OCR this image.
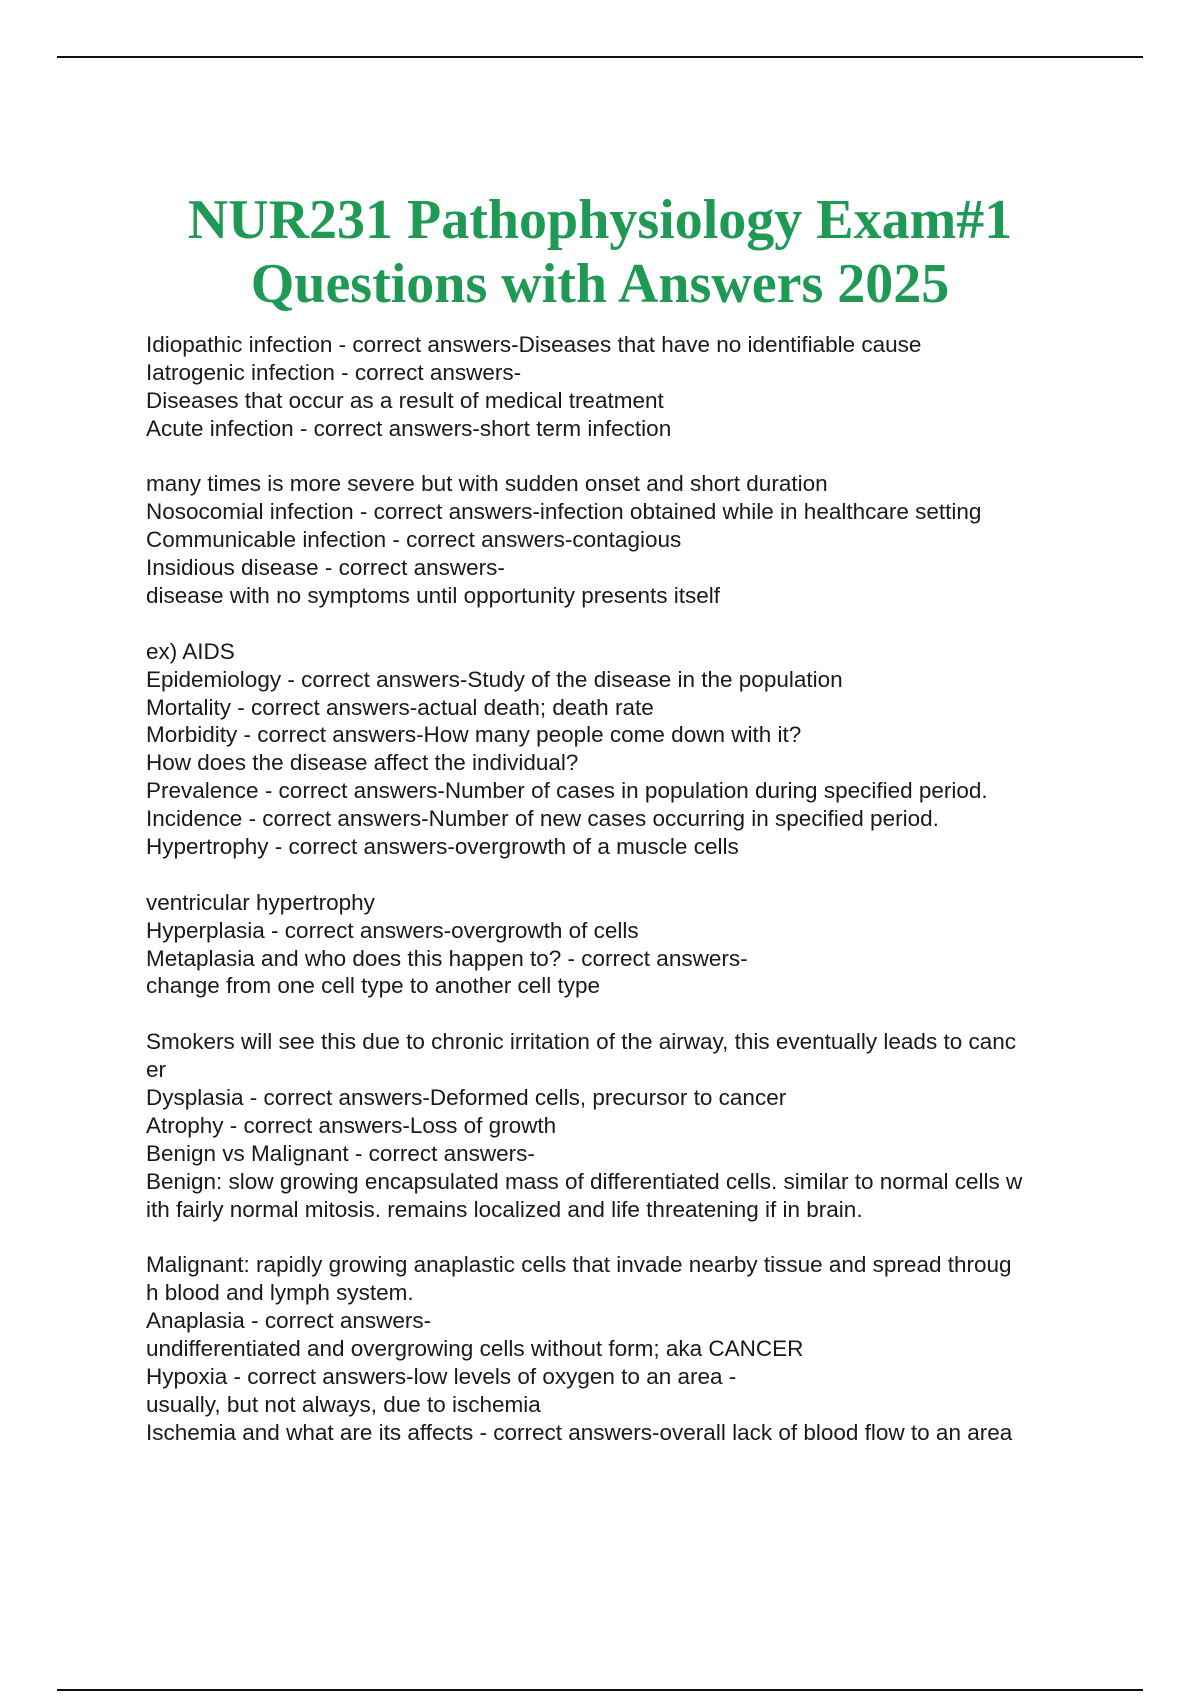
NUR231 Pathophysiology Exam#1
Questions with Answers 2025
Idiopathic infection - correct answers-Diseases that have no identifiable cause
Iatrogenic infection - correct answers-
Diseases that occur as a result of medical treatment
Acute infection - correct answers-short term infection
many times is more severe but with sudden onset and short duration
Nosocomial infection - correct answers-infection obtained while in healthcare setting
Communicable infection - correct answers-contagious
Insidious disease - correct answers-
disease with no symptoms until opportunity presents itself
ex) AIDS
Epidemiology - correct answers-Study of the disease in the population
Mortality - correct answers-actual death; death rate
Morbidity - correct answers-How many people come down with it?
How does the disease affect the individual?
Prevalence - correct answers-Number of cases in population during specified period.
Incidence - correct answers-Number of new cases occurring in specified period.
Hypertrophy - correct answers-overgrowth of a muscle cells
ventricular hypertrophy
Hyperplasia - correct answers-overgrowth of cells
Metaplasia and who does this happen to? - correct answers-
change from one cell type to another cell type
Smokers will see this due to chronic irritation of the airway, this eventually leads to canc
er
Dysplasia - correct answers-Deformed cells, precursor to cancer
Atrophy - correct answers-Loss of growth
Benign vs Malignant - correct answers-
Benign: slow growing encapsulated mass of differentiated cells. similar to normal cells w
ith fairly normal mitosis. remains localized and life threatening if in brain.
Malignant: rapidly growing anaplastic cells that invade nearby tissue and spread throug
h blood and lymph system.
Anaplasia - correct answers-
undifferentiated and overgrowing cells without form; aka CANCER
Hypoxia - correct answers-low levels of oxygen to an area -
usually, but not always, due to ischemia
Ischemia and what are its affects - correct answers-overall lack of blood flow to an area
